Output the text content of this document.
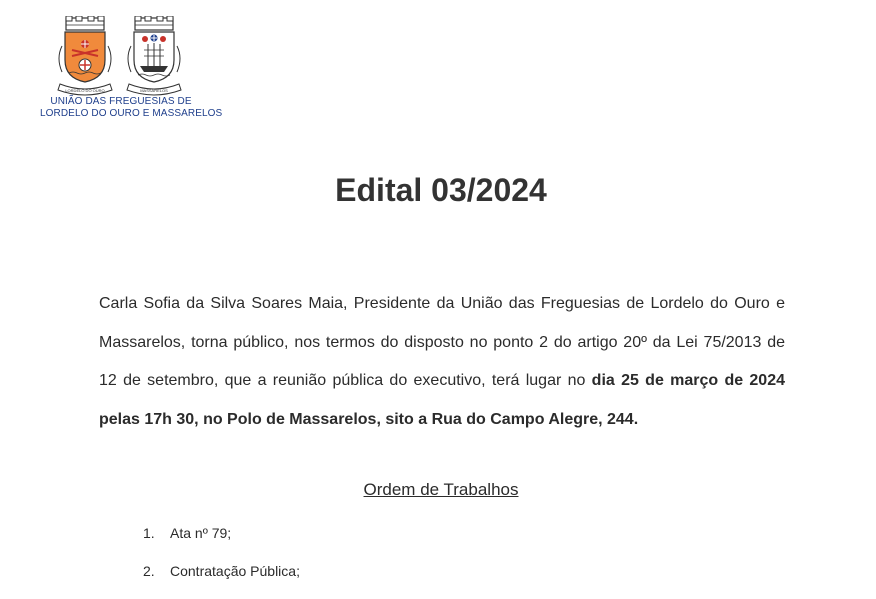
LORDELO DO OURO	MASSARELOS
UNIÃO DAS FREGUESIAS DE
LORDELO DO OURO E MASSARELOS
Edital 03/2024
Carla Sofia da Silva Soares Maia, Presidente da União das Freguesias de Lordelo do Ouro e Massarelos, torna público, nos termos do disposto no ponto 2 do artigo 20º da Lei 75/2013 de 12 de setembro, que a reunião pública do executivo, terá lugar no dia 25 de março de 2024 pelas 17h 30, no Polo de Massarelos, sito a Rua do Campo Alegre, 244.
Ordem de Trabalhos
1. Ata nº 79;
2. Contratação Pública;
